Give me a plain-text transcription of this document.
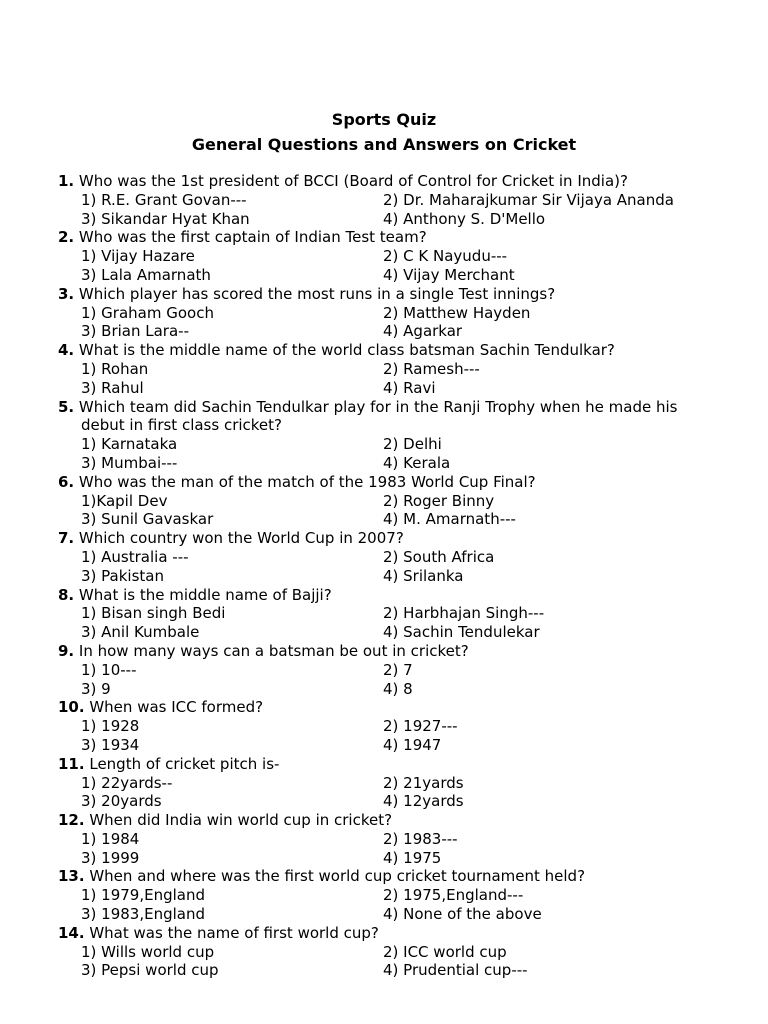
Sports Quiz
General Questions and Answers on Cricket
1. Who was the 1st president of BCCI (Board of Control for Cricket in India)?
1) R.E. Grant Govan---	2) Dr. Maharajkumar Sir Vijaya Ananda
3) Sikandar Hyat Khan	4) Anthony S. D'Mello
2. Who was the first captain of Indian Test team?
1) Vijay Hazare	2) C K Nayudu---
3) Lala Amarnath	4) Vijay Merchant
3. Which player has scored the most runs in a single Test innings?
1) Graham Gooch	2) Matthew Hayden
3) Brian Lara--	4) Agarkar
4. What is the middle name of the world class batsman Sachin Tendulkar?
1) Rohan	2) Ramesh---
3) Rahul	4) Ravi
5. Which team did Sachin Tendulkar play for in the Ranji Trophy when he made his
debut in first class cricket?
1) Karnataka	2) Delhi
3) Mumbai---	4) Kerala
6. Who was the man of the match of the 1983 World Cup Final?
1)Kapil Dev	2) Roger Binny
3) Sunil Gavaskar	4) M. Amarnath---
7. Which country won the World Cup in 2007?
1) Australia ---	2) South Africa
3) Pakistan	4) Srilanka
8. What is the middle name of Bajji?
1) Bisan singh Bedi	2) Harbhajan Singh---
3) Anil Kumbale	4) Sachin Tendulekar
9. In how many ways can a batsman be out in cricket?
1) 10---	2) 7
3) 9	4) 8
10. When was ICC formed?
1) 1928	2) 1927---
3) 1934	4) 1947
11. Length of cricket pitch is-
1) 22yards--	2) 21yards
3) 20yards	4) 12yards
12. When did India win world cup in cricket?
1) 1984	2) 1983---
3) 1999	4) 1975
13. When and where was the first world cup cricket tournament held?
1) 1979,England	2) 1975,England---
3) 1983,England	4) None of the above
14. What was the name of first world cup?
1) Wills world cup	2) ICC world cup
3) Pepsi world cup	4) Prudential cup---
